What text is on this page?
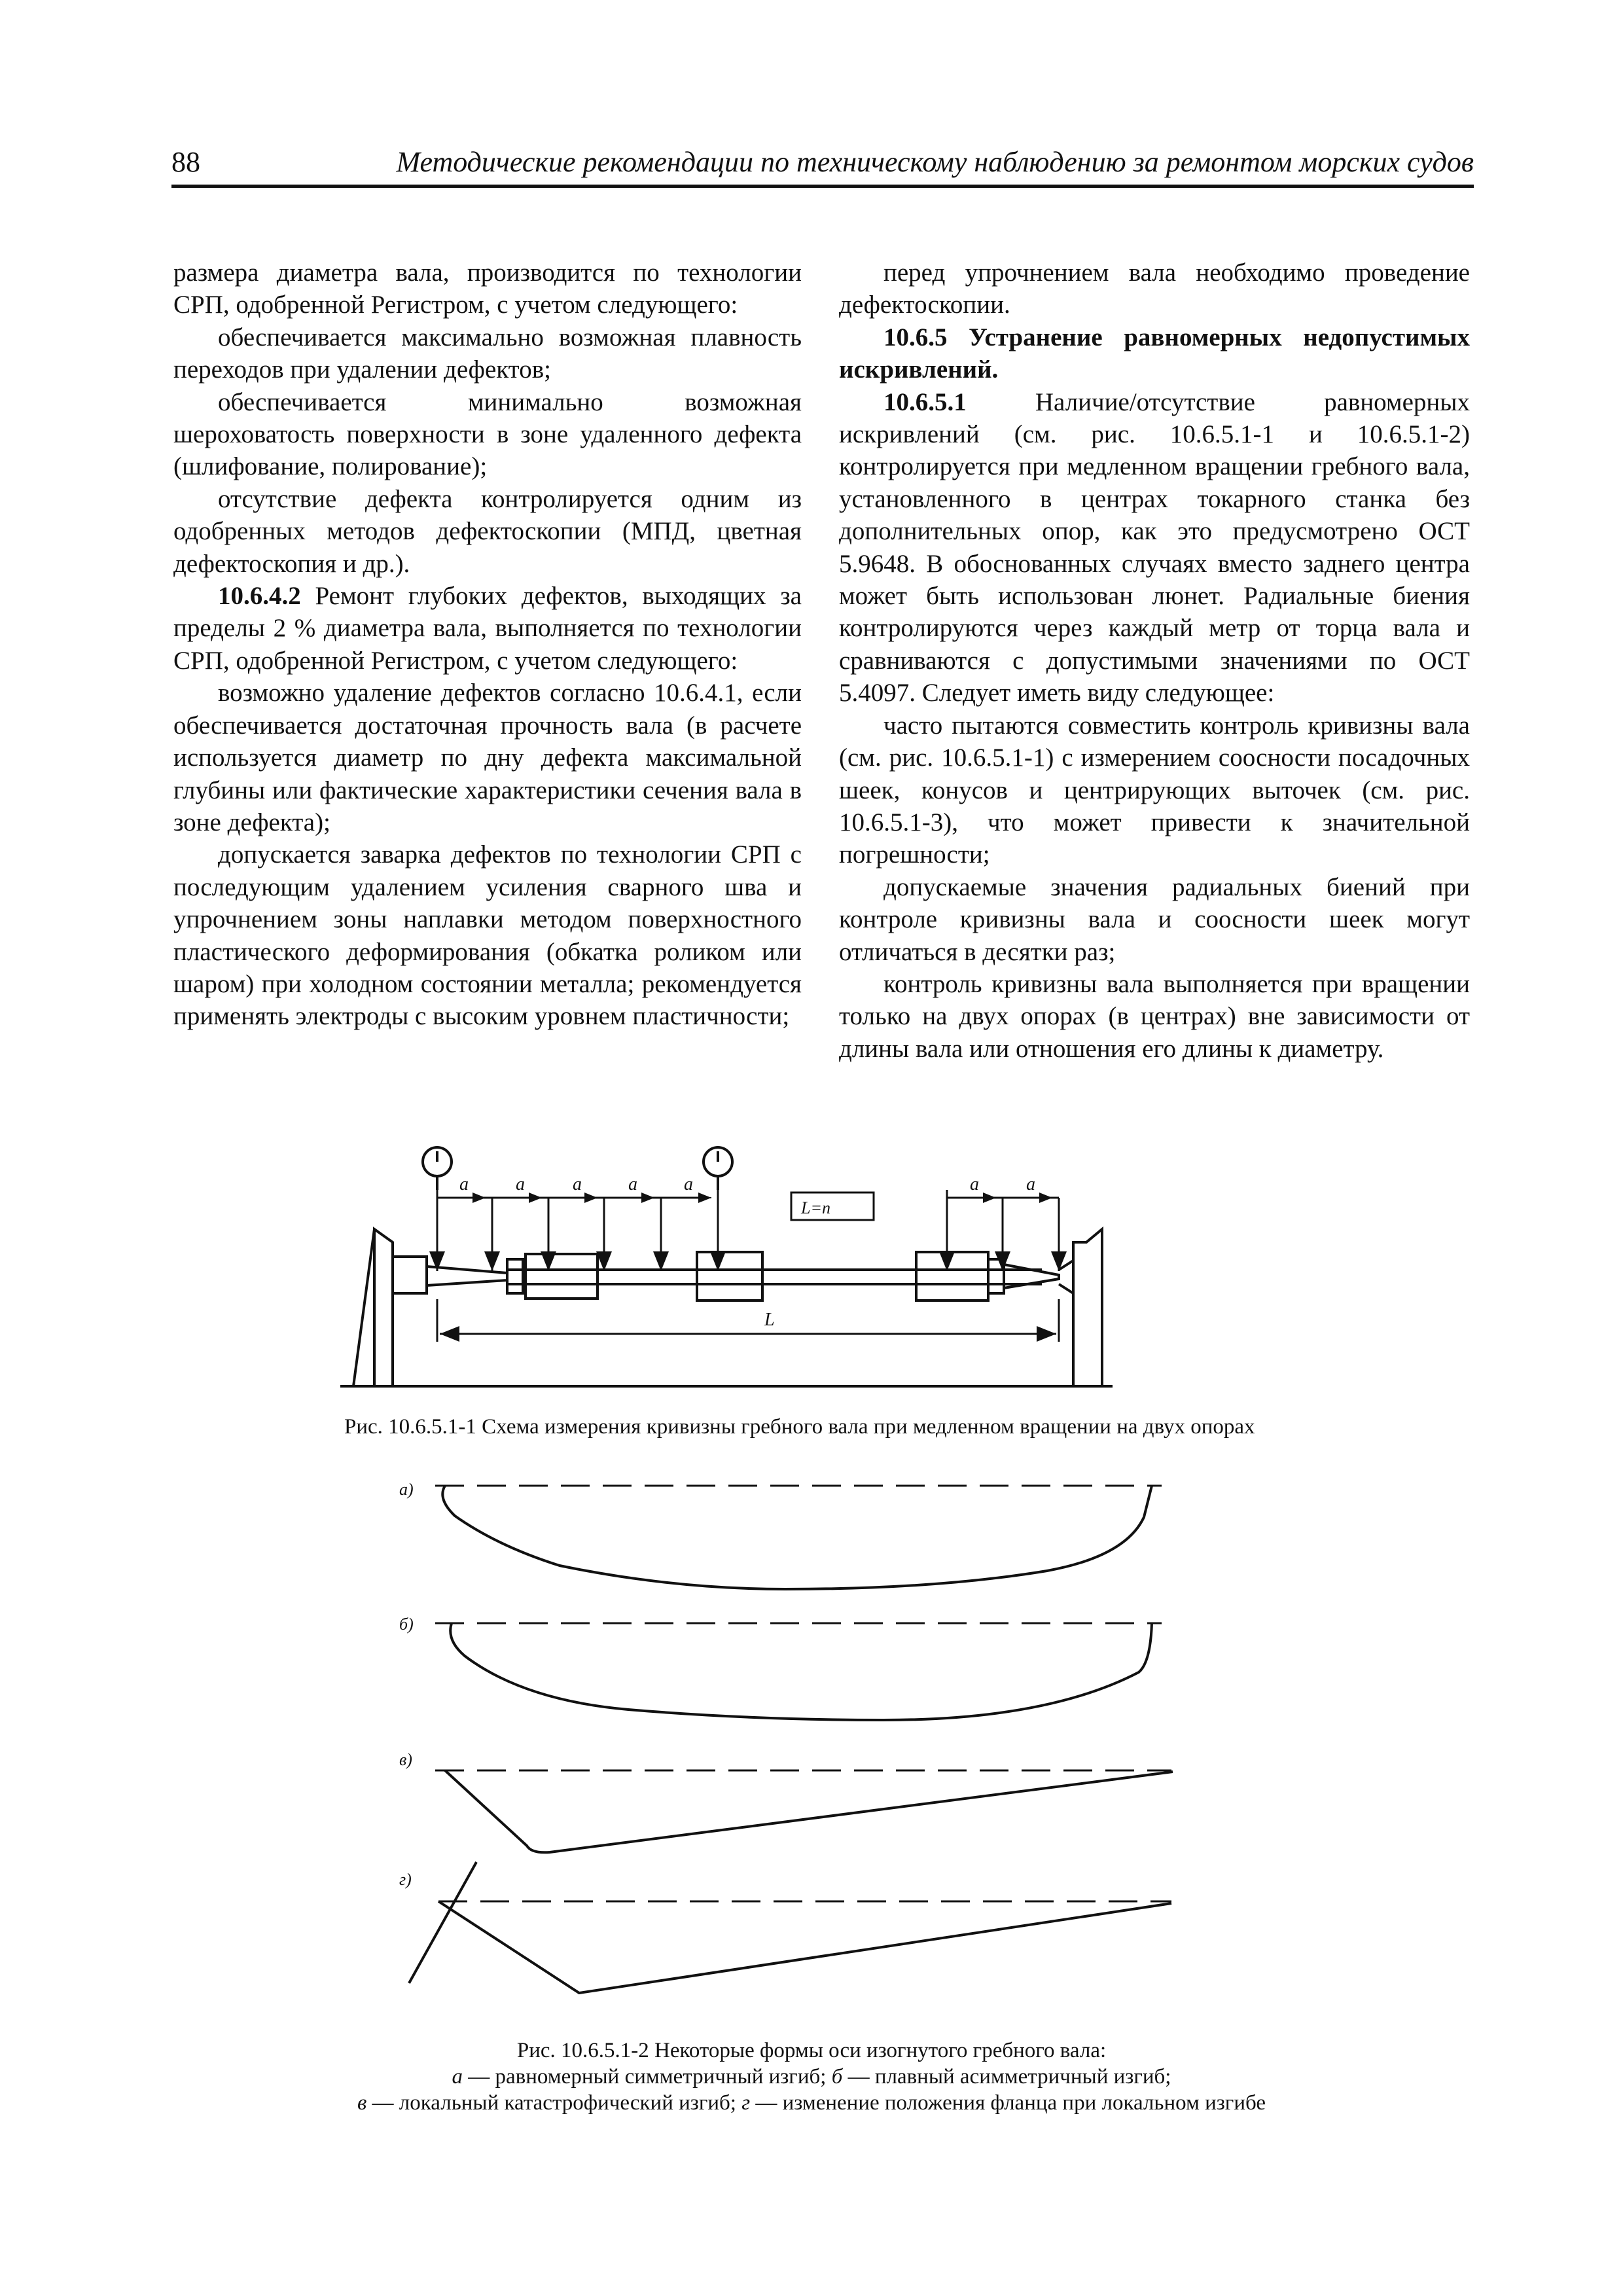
88	Методические рекомендации по техническому наблюдению за ремонтом морских судов

размера диаметра вала, производится по технологии СРП, одобренной Регистром, с учетом следующего:

обеспечивается максимально возможная плавность переходов при удалении дефектов;

обеспечивается минимально возможная шероховатость поверхности в зоне удаленного дефекта (шлифование, полирование);

отсутствие дефекта контролируется одним из одобренных методов дефектоскопии (МПД, цветная дефектоскопия и др.).

10.6.4.2 Ремонт глубоких дефектов, выходящих за пределы 2 % диаметра вала, выполняется по технологии СРП, одобренной Регистром, с учетом следующего:

возможно удаление дефектов согласно 10.6.4.1, если обеспечивается достаточная прочность вала (в расчете используется диаметр по дну дефекта максимальной глубины или фактические характеристики сечения вала в зоне дефекта);

допускается заварка дефектов по технологии СРП с последующим удалением усиления сварного шва и упрочнением зоны наплавки методом поверхностного пластического деформирования (обкатка роликом или шаром) при холодном состоянии металла; рекомендуется применять электроды с высоким уровнем пластичности;

перед упрочнением вала необходимо проведение дефектоскопии.

10.6.5 Устранение равномерных недопустимых искривлений.

10.6.5.1 Наличие/отсутствие равномерных искривлений (см. рис. 10.6.5.1-1 и 10.6.5.1-2) контролируется при медленном вращении гребного вала, установленного в центрах токарного станка без дополнительных опор, как это предусмотрено ОСТ 5.9648. В обоснованных случаях вместо заднего центра может быть использован люнет. Радиальные биения контролируются через каждый метр от торца вала и сравниваются с допустимыми значениями по ОСТ 5.4097. Следует иметь виду следующее:

часто пытаются совместить контроль кривизны вала (см. рис. 10.6.5.1-1) с измерением соосности посадочных шеек, конусов и центрирующих выточек (см. рис. 10.6.5.1-3), что может привести к значительной погрешности;

допускаемые значения радиальных биений при контроле кривизны вала и соосности шеек могут отличаться в десятки раз;

контроль кривизны вала выполняется при вращении только на двух опорах (в центрах) вне зависимости от длины вала или отношения его длины к диаметру.

a	a	a	a	a	a	a
L=n
L
а)
б)
в)
г)
Рис. 10.6.5.1-1 Схема измерения кривизны гребного вала при медленном вращении на двух опорах
Рис. 10.6.5.1-2 Некоторые формы оси изогнутого гребного вала:
а — равномерный симметричный изгиб; б — плавный асимметричный изгиб;
в — локальный катастрофический изгиб; г — изменение положения фланца при локальном изгибе
